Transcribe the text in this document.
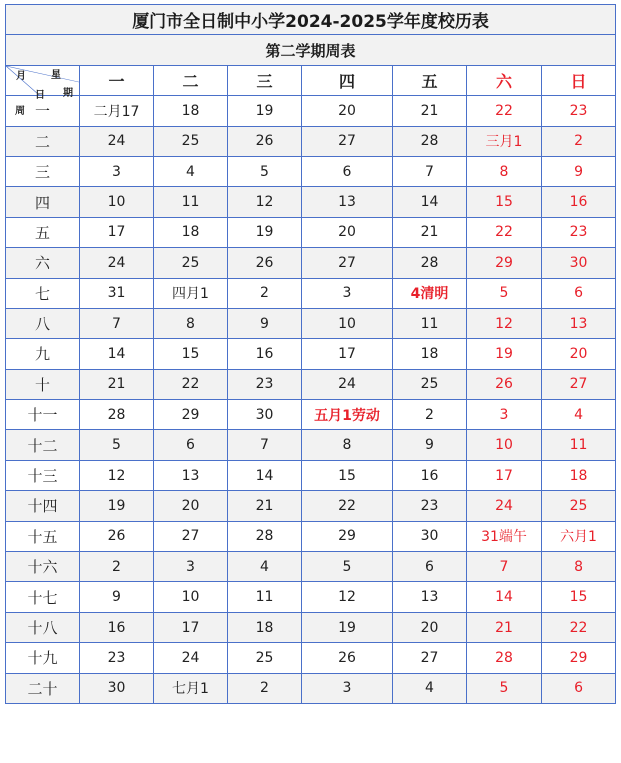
厦门市全日制中小学2024-2025学年度校历表							
第二学期周表							

月 星
日 期
周	一	二	三	四	五	六	日
一	二月17	18	19	20	21	22	23
二	24	25	26	27	28	三月1	2
三	3	4	5	6	7	8	9
四	10	11	12	13	14	15	16
五	17	18	19	20	21	22	23
六	24	25	26	27	28	29	30
七	31	四月1	2	3	4清明	5	6
八	7	8	9	10	11	12	13
九	14	15	16	17	18	19	20
十	21	22	23	24	25	26	27
十一	28	29	30	五月1劳动	2	3	4
十二	5	6	7	8	9	10	11
十三	12	13	14	15	16	17	18
十四	19	20	21	22	23	24	25
十五	26	27	28	29	30	31端午	六月1
十六	2	3	4	5	6	7	8
十七	9	10	11	12	13	14	15
十八	16	17	18	19	20	21	22
十九	23	24	25	26	27	28	29
二十	30	七月1	2	3	4	5	6
